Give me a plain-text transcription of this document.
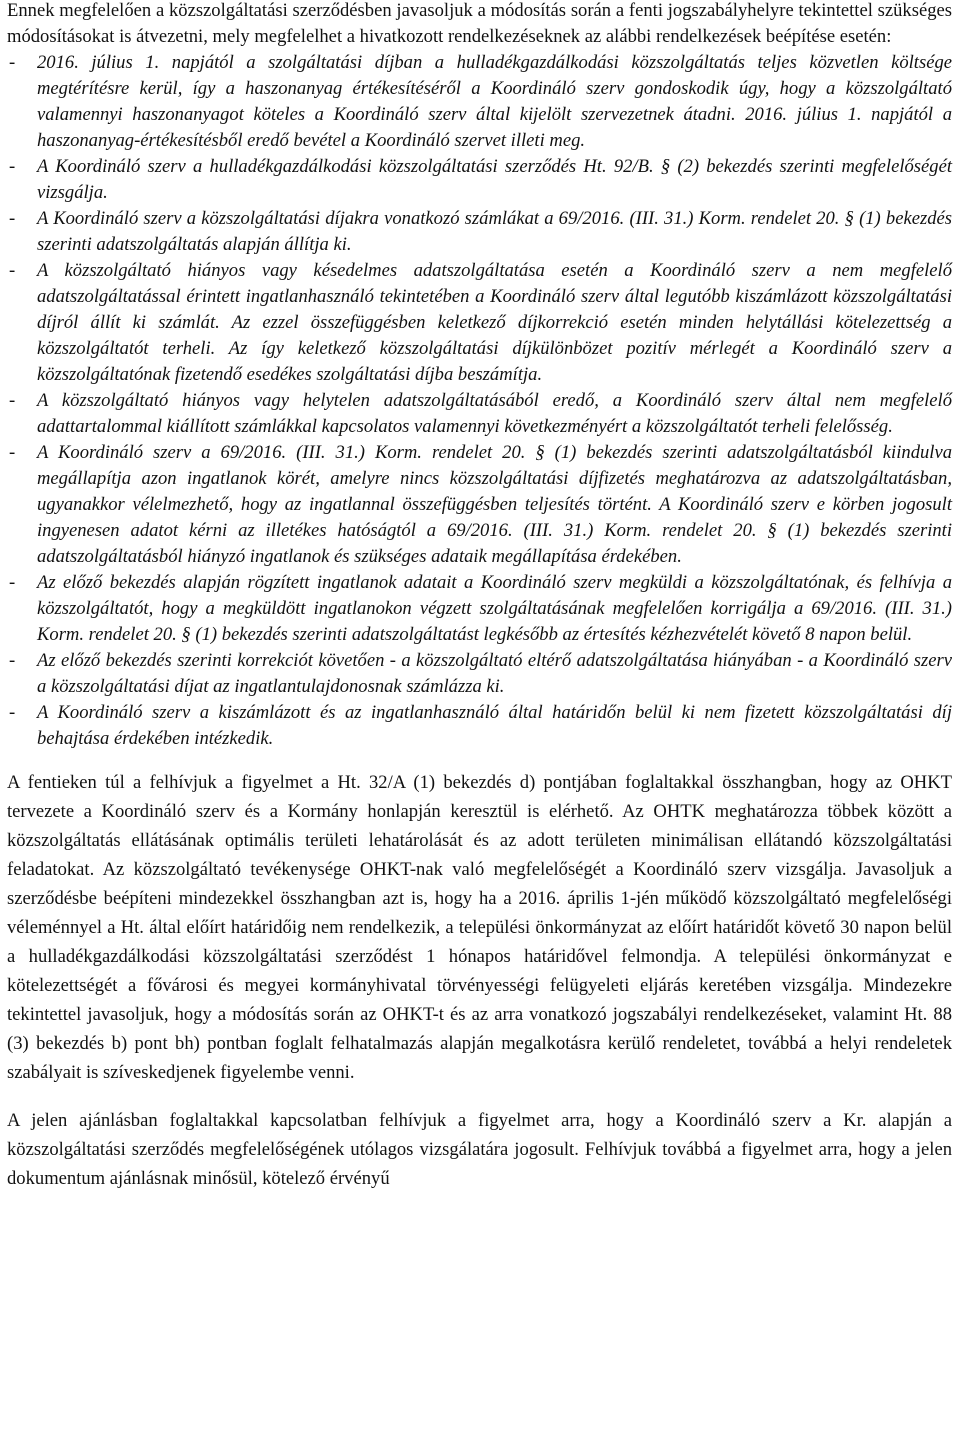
Ennek megfelelően a közszolgáltatási szerződésben javasoljuk a módosítás során a fenti jogszabályhelyre tekintettel szükséges módosításokat is átvezetni, mely megfelelhet a hivatkozott rendelkezéseknek az alábbi rendelkezések beépítése esetén:

- 2016. július 1. napjától a szolgáltatási díjban a hulladékgazdálkodási közszolgáltatás teljes közvetlen költsége megtérítésre kerül, így a haszonanyag értékesítéséről a Koordináló szerv gondoskodik úgy, hogy a közszolgáltató valamennyi haszonanyagot köteles a Koordináló szerv által kijelölt szervezetnek átadni. 2016. július 1. napjától a haszonanyag-értékesítésből eredő bevétel a Koordináló szervet illeti meg.
- A Koordináló szerv a hulladékgazdálkodási közszolgáltatási szerződés Ht. 92/B. § (2) bekezdés szerinti megfelelőségét vizsgálja.
- A Koordináló szerv a közszolgáltatási díjakra vonatkozó számlákat a 69/2016. (III. 31.) Korm. rendelet 20. § (1) bekezdés szerinti adatszolgáltatás alapján állítja ki.
- A közszolgáltató hiányos vagy késedelmes adatszolgáltatása esetén a Koordináló szerv a nem megfelelő adatszolgáltatással érintett ingatlanhasználó tekintetében a Koordináló szerv által legutóbb kiszámlázott közszolgáltatási díjról állít ki számlát. Az ezzel összefüggésben keletkező díjkorrekció esetén minden helytállási kötelezettség a közszolgáltatót terheli. Az így keletkező közszolgáltatási díjkülönbözet pozitív mérlegét a Koordináló szerv a közszolgáltatónak fizetendő esedékes szolgáltatási díjba beszámítja.
- A közszolgáltató hiányos vagy helytelen adatszolgáltatásából eredő, a Koordináló szerv által nem megfelelő adattartalommal kiállított számlákkal kapcsolatos valamennyi következményért a közszolgáltatót terheli felelősség.
- A Koordináló szerv a 69/2016. (III. 31.) Korm. rendelet 20. § (1) bekezdés szerinti adatszolgáltatásból kiindulva megállapítja azon ingatlanok körét, amelyre nincs közszolgáltatási díjfizetés meghatározva az adatszolgáltatásban, ugyanakkor vélelmezhető, hogy az ingatlannal összefüggésben teljesítés történt. A Koordináló szerv e körben jogosult ingyenesen adatot kérni az illetékes hatóságtól a 69/2016. (III. 31.) Korm. rendelet 20. § (1) bekezdés szerinti adatszolgáltatásból hiányzó ingatlanok és szükséges adataik megállapítása érdekében.
- Az előző bekezdés alapján rögzített ingatlanok adatait a Koordináló szerv megküldi a közszolgáltatónak, és felhívja a közszolgáltatót, hogy a megküldött ingatlanokon végzett szolgáltatásának megfelelően korrigálja a 69/2016. (III. 31.) Korm. rendelet 20. § (1) bekezdés szerinti adatszolgáltatást legkésőbb az értesítés kézhezvételét követő 8 napon belül.
- Az előző bekezdés szerinti korrekciót követően - a közszolgáltató eltérő adatszolgáltatása hiányában - a Koordináló szerv a közszolgáltatási díjat az ingatlantulajdonosnak számlázza ki.
- A Koordináló szerv a kiszámlázott és az ingatlanhasználó által határidőn belül ki nem fizetett közszolgáltatási díj behajtása érdekében intézkedik.

A fentieken túl a felhívjuk a figyelmet a Ht. 32/A (1) bekezdés d) pontjában foglaltakkal összhangban, hogy az OHKT tervezete a Koordináló szerv és a Kormány honlapján keresztül is elérhető. Az OHTK meghatározza többek között a közszolgáltatás ellátásának optimális területi lehatárolását és az adott területen minimálisan ellátandó közszolgáltatási feladatokat. Az közszolgáltató tevékenysége OHKT-nak való megfelelőségét a Koordináló szerv vizsgálja. Javasoljuk a szerződésbe beépíteni mindezekkel összhangban azt is, hogy ha a 2016. április 1-jén működő közszolgáltató megfelelőségi véleménnyel a Ht. által előírt határidőig nem rendelkezik, a települési önkormányzat az előírt határidőt követő 30 napon belül a hulladékgazdálkodási közszolgáltatási szerződést 1 hónapos határidővel felmondja. A települési önkormányzat e kötelezettségét a fővárosi és megyei kormányhivatal törvényességi felügyeleti eljárás keretében vizsgálja. Mindezekre tekintettel javasoljuk, hogy a módosítás során az OHKT-t és az arra vonatkozó jogszabályi rendelkezéseket, valamint Ht. 88 (3) bekezdés b) pont bh) pontban foglalt felhatalmazás alapján megalkotásra kerülő rendeletet, továbbá a helyi rendeletek szabályait is szíveskedjenek figyelembe venni.

A jelen ajánlásban foglaltakkal kapcsolatban felhívjuk a figyelmet arra, hogy a Koordináló szerv a Kr. alapján a közszolgáltatási szerződés megfelelőségének utólagos vizsgálatára jogosult. Felhívjuk továbbá a figyelmet arra, hogy a jelen dokumentum ajánlásnak minősül, kötelező érvényű
